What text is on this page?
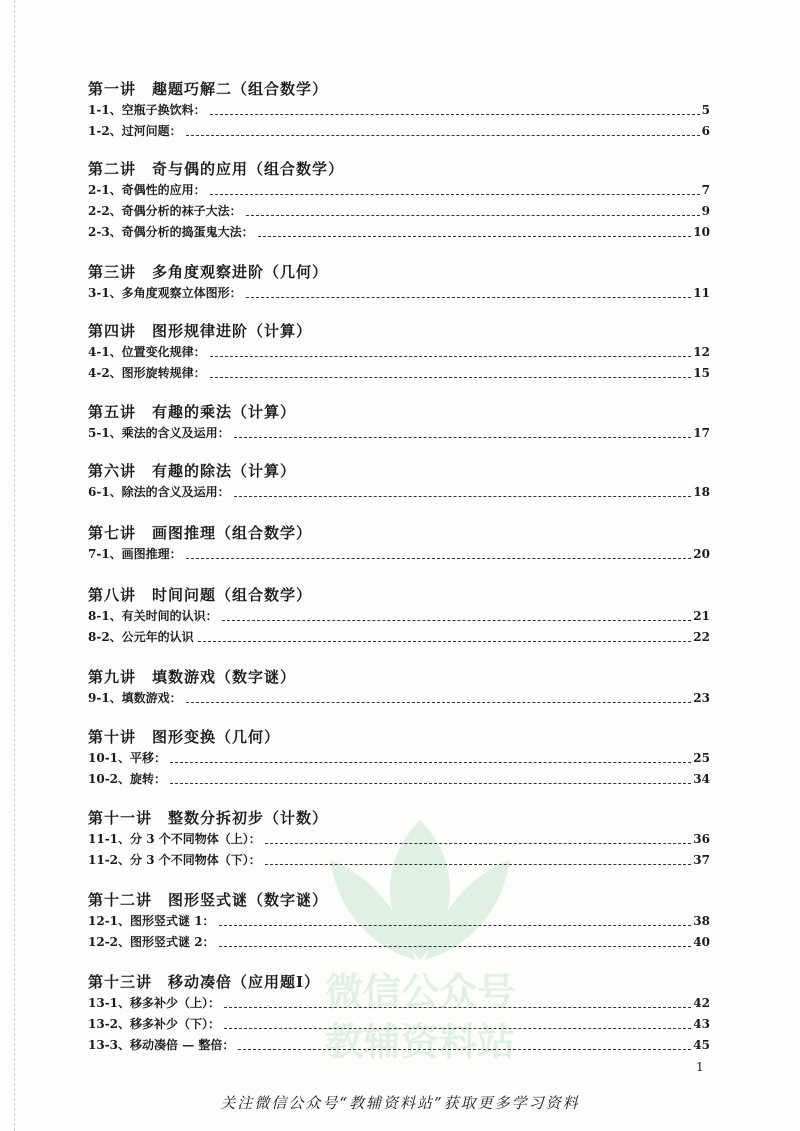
微信公众号
教辅资料站
第一讲　趣题巧解二（组合数学）
1-1、空瓶子换饮料：	5
1-2、过河问题：	6
第二讲　奇与偶的应用（组合数学）
2-1、奇偶性的应用：	7
2-2、奇偶分析的袜子大法：	9
2-3、奇偶分析的捣蛋鬼大法：	10
第三讲　多角度观察进阶（几何）
3-1、多角度观察立体图形：	11
第四讲　图形规律进阶（计算）
4-1、位置变化规律：	12
4-2、图形旋转规律：	15
第五讲　有趣的乘法（计算）
5-1、乘法的含义及运用：	17
第六讲　有趣的除法（计算）
6-1、除法的含义及运用：	18
第七讲　画图推理（组合数学）
7-1、画图推理：	20
第八讲　时间问题（组合数学）
8-1、有关时间的认识：	21
8-2、公元年的认识	22
第九讲　填数游戏（数字谜）
9-1、填数游戏：	23
第十讲　图形变换（几何）
10-1、平移：	25
10-2、旋转：	34
第十一讲　整数分拆初步（计数）
11-1、分 3 个不同物体（上）：	36
11-2、分 3 个不同物体（下）：	37
第十二讲　图形竖式谜（数字谜）
12-1、图形竖式谜 1：	38
12-2、图形竖式谜 2：	40
第十三讲　移动凑倍（应用题Ⅰ）
13-1、移多补少（上）：	42
13-2、移多补少（下）：	43
13-3、移动凑倍 — 整倍：	45
1
关注微信公众号“教辅资料站”获取更多学习资料
